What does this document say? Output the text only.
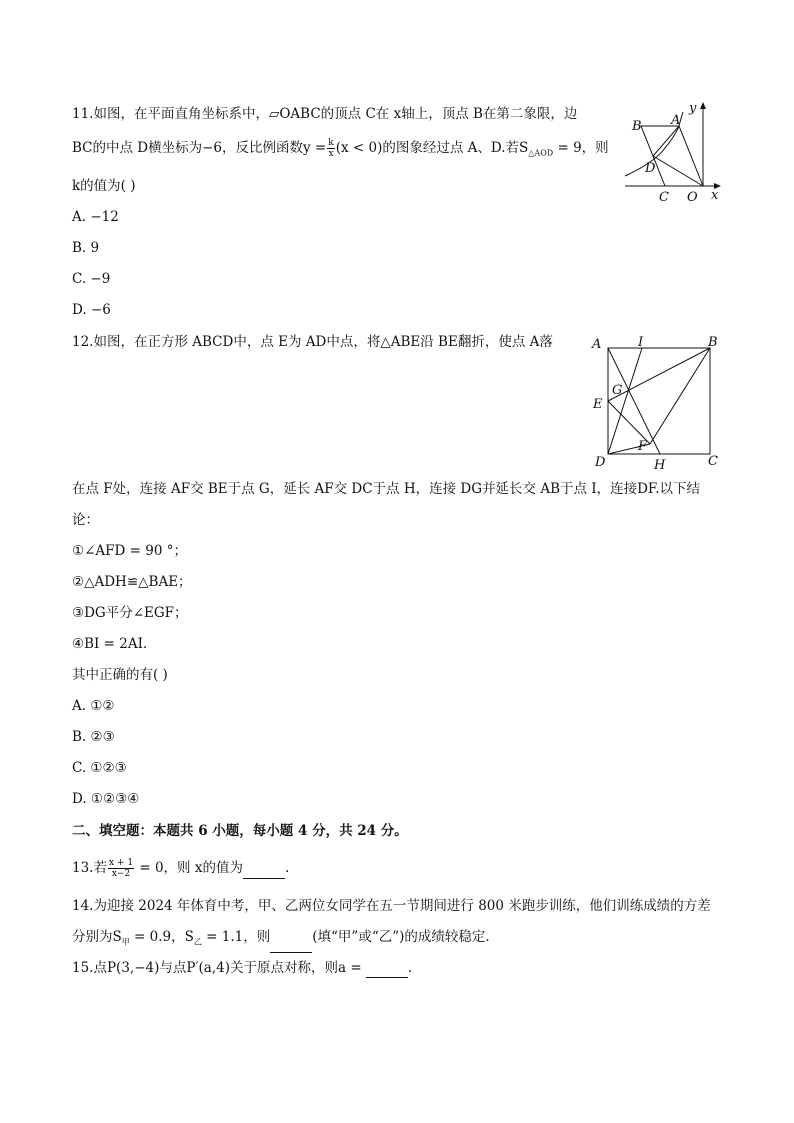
11.如图，在平面直角坐标系中，▱OABC的顶点 C在 x轴上，顶点 B在第二象限，边
BC的中点 D横坐标为−6，反比例函数$y = \frac{k}{x} (x < 0)$的图象经过点 A、D.若$S_{\triangle AOD} = 9$，则
k的值为( )
A. −12
B. 9
C. −9
D. −6
B A
y
D
C O x
12.如图，在正方形 ABCD中，点 E为 AD中点，将△ABE沿 BE翻折，使点 A落	A	I	B
G
E
F
D	H	C
在点 F处，连接 AF交 BE于点 G，延长 AF交 DC于点 H，连接 DG并延长交 AB于点 I，连接DF.以下结
论：
①∠AFD = 90 °；
②△ADH≌△BAE；
③DG平分∠EGF；
④BI = 2AI.
其中正确的有( )
A. ①②
B. ②③
C. ①②③
D. ①②③④
二、填空题：本题共 6 小题，每小题 4 分，共 24 分。
13.若 $\frac{x + 1}{x-2} = 0$，则 x的值为	.
14.为迎接 2024 年体育中考，甲、乙两位女同学在五一节期间进行 800 米跑步训练，他们训练成绩的方差
分别为$S_甲 = 0.9$，$S_乙 = 1.1$，则	(填“甲”或“乙”)的成绩较稳定.
15.点P(3,−4)与点P′(a,4)关于原点对称，则a =	.
